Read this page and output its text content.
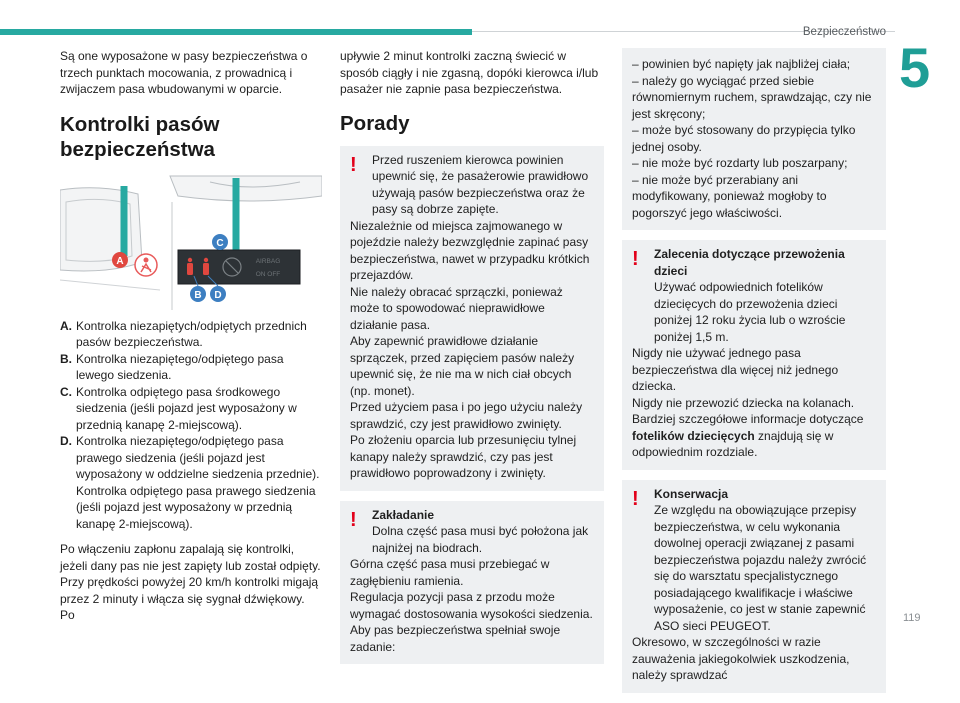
Bezpieczeństwo
5
119

Są one wyposażone w pasy bezpieczeństwa o trzech punktach mocowania, z prowadnicą i zwijaczem pasa wbudowanymi w oparcie.

Kontrolki pasów bezpieczeństwa
A	AIRBAG
ON OFF
C
B D
A. Kontrolka niezapiętych/odpiętych przednich pasów bezpieczeństwa.
B. Kontrolka niezapiętego/odpiętego pasa lewego siedzenia.
C. Kontrolka odpiętego pasa środkowego siedzenia (jeśli pojazd jest wyposażony w przednią kanapę 2-miejscową).
D. Kontrolka niezapiętego/odpiętego pasa prawego siedzenia (jeśli pojazd jest wyposażony w oddzielne siedzenia przednie).
Kontrolka odpiętego pasa prawego siedzenia (jeśli pojazd jest wyposażony w przednią kanapę 2-miejscową).

Po włączeniu zapłonu zapalają się kontrolki, jeżeli dany pas nie jest zapięty lub został odpięty.

Przy prędkości powyżej 20 km/h kontrolki migają przez 2 minuty i włącza się sygnał dźwiękowy. Po

upływie 2 minut kontrolki zaczną świecić w sposób ciągły i nie zgasną, dopóki kierowca i/lub pasażer nie zapnie pasa bezpieczeństwa.

Porady
! Przed ruszeniem kierowca powinien upewnić się, że pasażerowie prawidłowo używają pasów bezpieczeństwa oraz że pasy są dobrze zapięte.
Niezależnie od miejsca zajmowanego w pojeździe należy bezwzględnie zapinać pasy bezpieczeństwa, nawet w przypadku krótkich przejazdów.
Nie należy obracać sprzączki, ponieważ może to spowodować nieprawidłowe działanie pasa.
Aby zapewnić prawidłowe działanie sprzączek, przed zapięciem pasów należy upewnić się, że nie ma w nich ciał obcych (np. monet).
Przed użyciem pasa i po jego użyciu należy sprawdzić, czy jest prawidłowo zwinięty.
Po złożeniu oparcia lub przesunięciu tylnej kanapy należy sprawdzić, czy pas jest prawidłowo poprowadzony i zwinięty.
! Zakładanie
Dolna część pasa musi być położona jak najniżej na biodrach.
Górna część pasa musi przebiegać w zagłębieniu ramienia.
Regulacja pozycji pasa z przodu może wymagać dostosowania wysokości siedzenia.
Aby pas bezpieczeństwa spełniał swoje zadanie:
– powinien być napięty jak najbliżej ciała;
– należy go wyciągać przed siebie równomiernym ruchem, sprawdzając, czy nie jest skręcony;
– może być stosowany do przypięcia tylko jednej osoby.
– nie może być rozdarty lub poszarpany;
– nie może być przerabiany ani modyfikowany, ponieważ mogłoby to pogorszyć jego właściwości.
! Zalecenia dotyczące przewożenia dzieci
Używać odpowiednich fotelików dziecięcych do przewożenia dzieci poniżej 12 roku życia lub o wzroście poniżej 1,5 m.
Nigdy nie używać jednego pasa bezpieczeństwa dla więcej niż jednego dziecka.
Nigdy nie przewozić dziecka na kolanach.
Bardziej szczegółowe informacje dotyczące fotelików dziecięcych znajdują się w odpowiednim rozdziale.
! Konserwacja
Ze względu na obowiązujące przepisy bezpieczeństwa, w celu wykonania dowolnej operacji związanej z pasami bezpieczeństwa pojazdu należy zwrócić się do warsztatu specjalistycznego posiadającego kwalifikacje i właściwe wyposażenie, co jest w stanie zapewnić ASO sieci PEUGEOT.
Okresowo, w szczególności w razie zauważenia jakiegokolwiek uszkodzenia, należy sprawdzać
